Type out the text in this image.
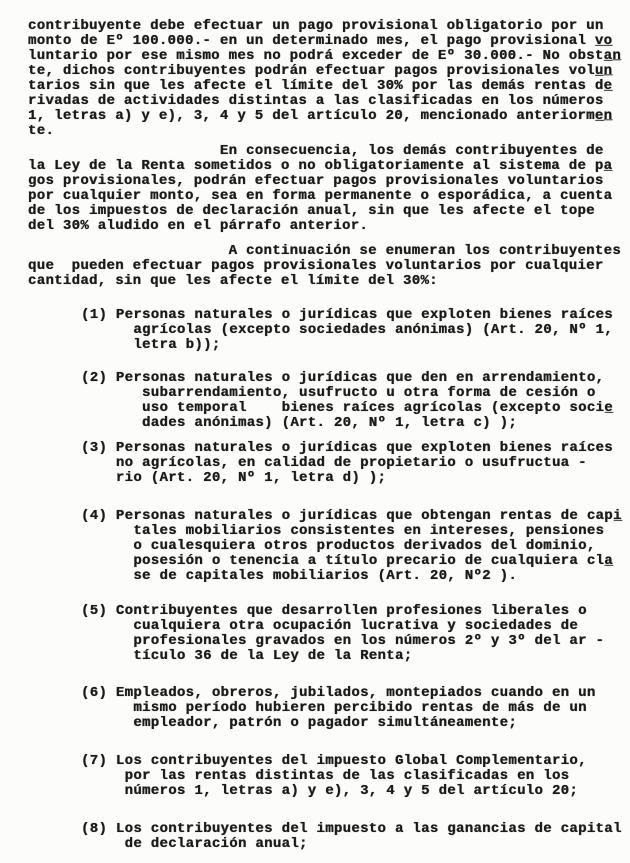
contribuyente debe efectuar un pago provisional obligatorio por un
monto de Eº 100.000.- en un determinado mes, el pago provisional v̲o̲
luntario por ese mismo mes no podrá exceder de Eº 30.000.- No obsta̲n̲
te, dichos contribuyentes podrán efectuar pagos provisionales volu̲n̲
tarios sin que les afecte el límite del 30% por las demás rentas de̲
rivadas de actividades distintas a las clasificadas en los números
1, letras a) y e), 3, 4 y 5 del artículo 20, mencionado anteriorme̲n̲
te.
En consecuencia, los demás contribuyentes de
la Ley de la Renta sometidos o no obligatoriamente al sistema de pa̲
gos provisionales, podrán efectuar pagos provisionales voluntarios
por cualquier monto, sea en forma permanente o esporádica, a cuenta
de los impuestos de declaración anual, sin que les afecte el tope
del 30% aludido en el párrafo anterior.
A continuación se enumeran los contribuyentes
que  pueden efectuar pagos provisionales voluntarios por cualquier
cantidad, sin que les afecte el límite del 30%:
(1) Personas naturales o jurídicas que exploten bienes raíces
agrícolas (excepto sociedades anónimas) (Art. 20, Nº 1,
letra b));
(2) Personas naturales o jurídicas que den en arrendamiento,
subarrendamiento, usufructo u otra forma de cesión o
uso temporal    bienes raíces agrícolas (excepto socie̲
dades anónimas) (Art. 20, Nº 1, letra c) );
(3) Personas naturales o jurídicas que exploten bienes raíces
no agrícolas, en calidad de propietario o usufructua -
rio (Art. 20, Nº 1, letra d) );
(4) Personas naturales o jurídicas que obtengan rentas de capi̲
tales mobiliarios consistentes en intereses, pensiones
o cualesquiera otros productos derivados del dominio,
posesión o tenencia a título precario de cualquiera cla̲
se de capitales mobiliarios (Art. 20, Nº2 ).
(5) Contribuyentes que desarrollen profesiones liberales o
cualquiera otra ocupación lucrativa y sociedades de
profesionales gravados en los números 2º y 3º del ar -
tículo 36 de la Ley de la Renta;
(6) Empleados, obreros, jubilados, montepiados cuando en un
mismo período hubieren percibido rentas de más de un
empleador, patrón o pagador simultáneamente;
(7) Los contribuyentes del impuesto Global Complementario,
por las rentas distintas de las clasificadas en los
números 1, letras a) y e), 3, 4 y 5 del artículo 20;
(8) Los contribuyentes del impuesto a las ganancias de capital
de declaración anual;
